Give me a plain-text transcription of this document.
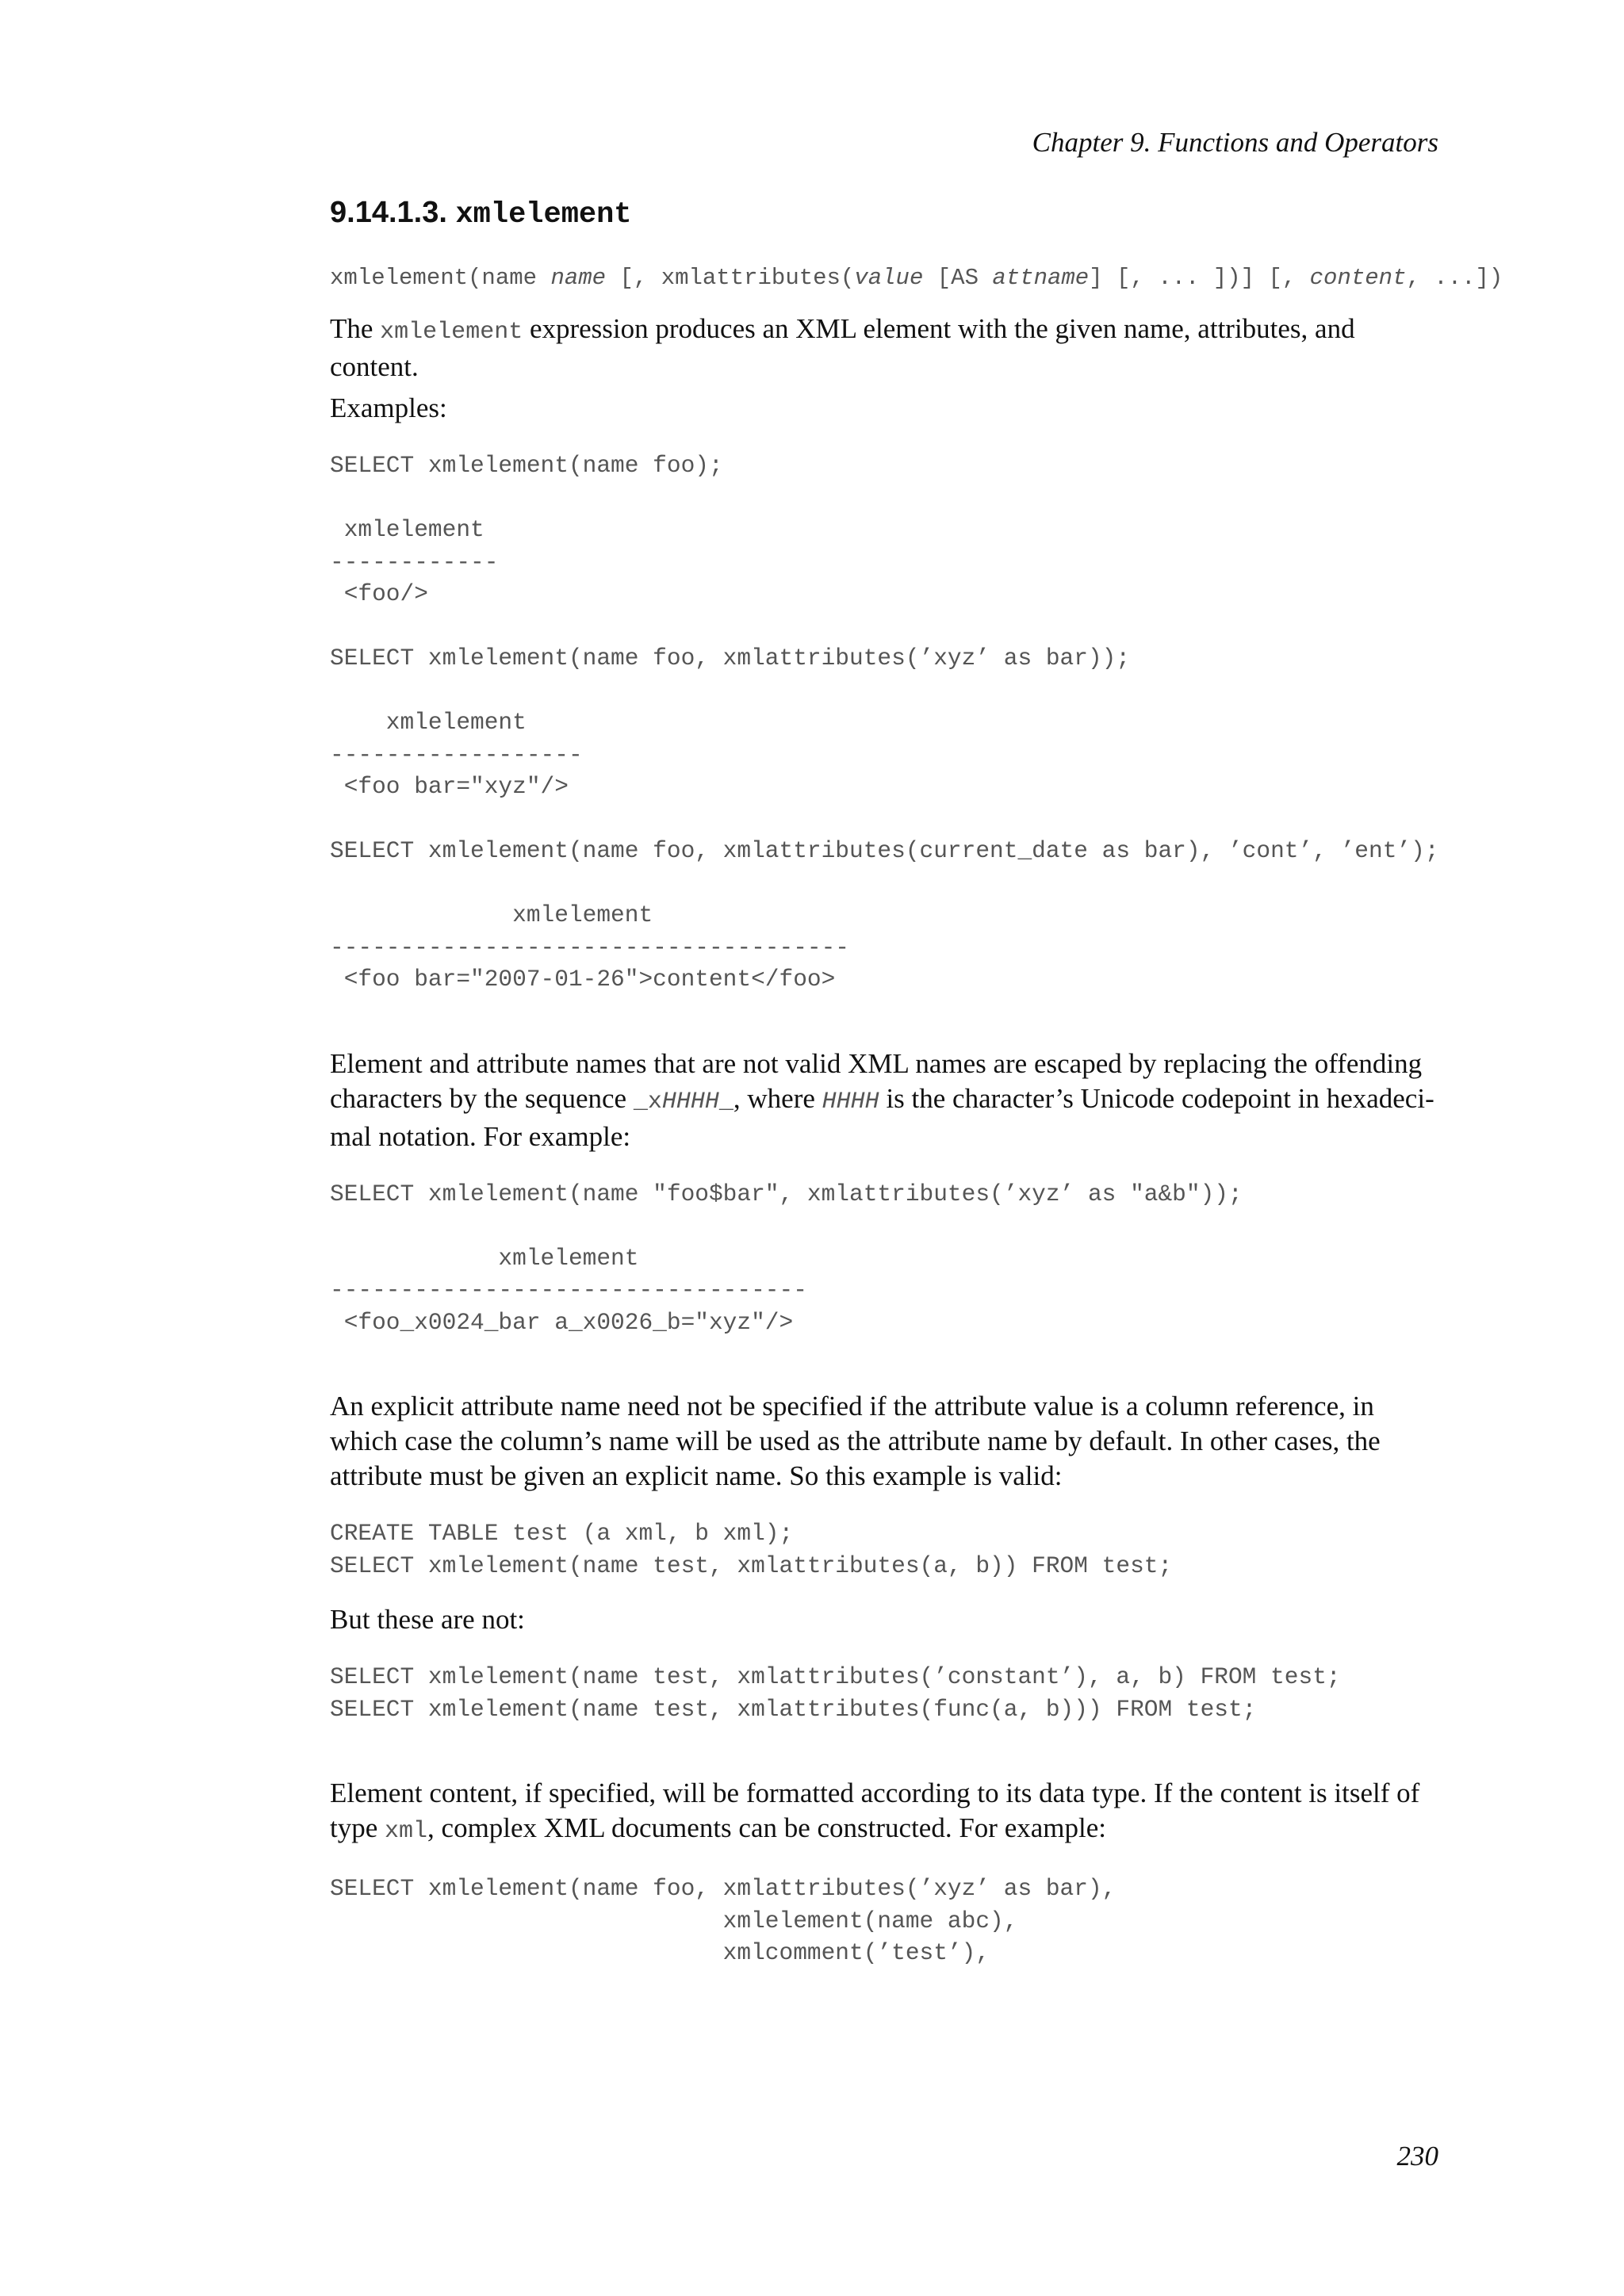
Chapter 9. Functions and Operators
9.14.1.3. xmlelement
xmlelement(name name [, xmlattributes(value [AS attname] [, ... ])] [, content, ...])

The xmlelement expression produces an XML element with the given name, attributes, and content.

Examples:

SELECT xmlelement(name foo);

xmlelement
------------
<foo/>

SELECT xmlelement(name foo, xmlattributes(’xyz’ as bar));

xmlelement
------------------
<foo bar="xyz"/>

SELECT xmlelement(name foo, xmlattributes(current_date as bar), ’cont’, ’ent’);

xmlelement
-------------------------------------
<foo bar="2007-01-26">content</foo>

Element and attribute names that are not valid XML names are escaped by replacing the offending characters by the sequence _xHHHH_, where HHHH is the character’s Unicode codepoint in hexadeci-mal notation. For example:

SELECT xmlelement(name "foo$bar", xmlattributes(’xyz’ as "a&b"));

xmlelement
----------------------------------
<foo_x0024_bar a_x0026_b="xyz"/>

An explicit attribute name need not be specified if the attribute value is a column reference, in which case the column’s name will be used as the attribute name by default. In other cases, the attribute must be given an explicit name. So this example is valid:

CREATE TABLE test (a xml, b xml);
SELECT xmlelement(name test, xmlattributes(a, b)) FROM test;

But these are not:

SELECT xmlelement(name test, xmlattributes(’constant’), a, b) FROM test;
SELECT xmlelement(name test, xmlattributes(func(a, b))) FROM test;

Element content, if specified, will be formatted according to its data type. If the content is itself of type xml, complex XML documents can be constructed. For example:

SELECT xmlelement(name foo, xmlattributes(’xyz’ as bar),
xmlelement(name abc),
xmlcomment(’test’),
230
